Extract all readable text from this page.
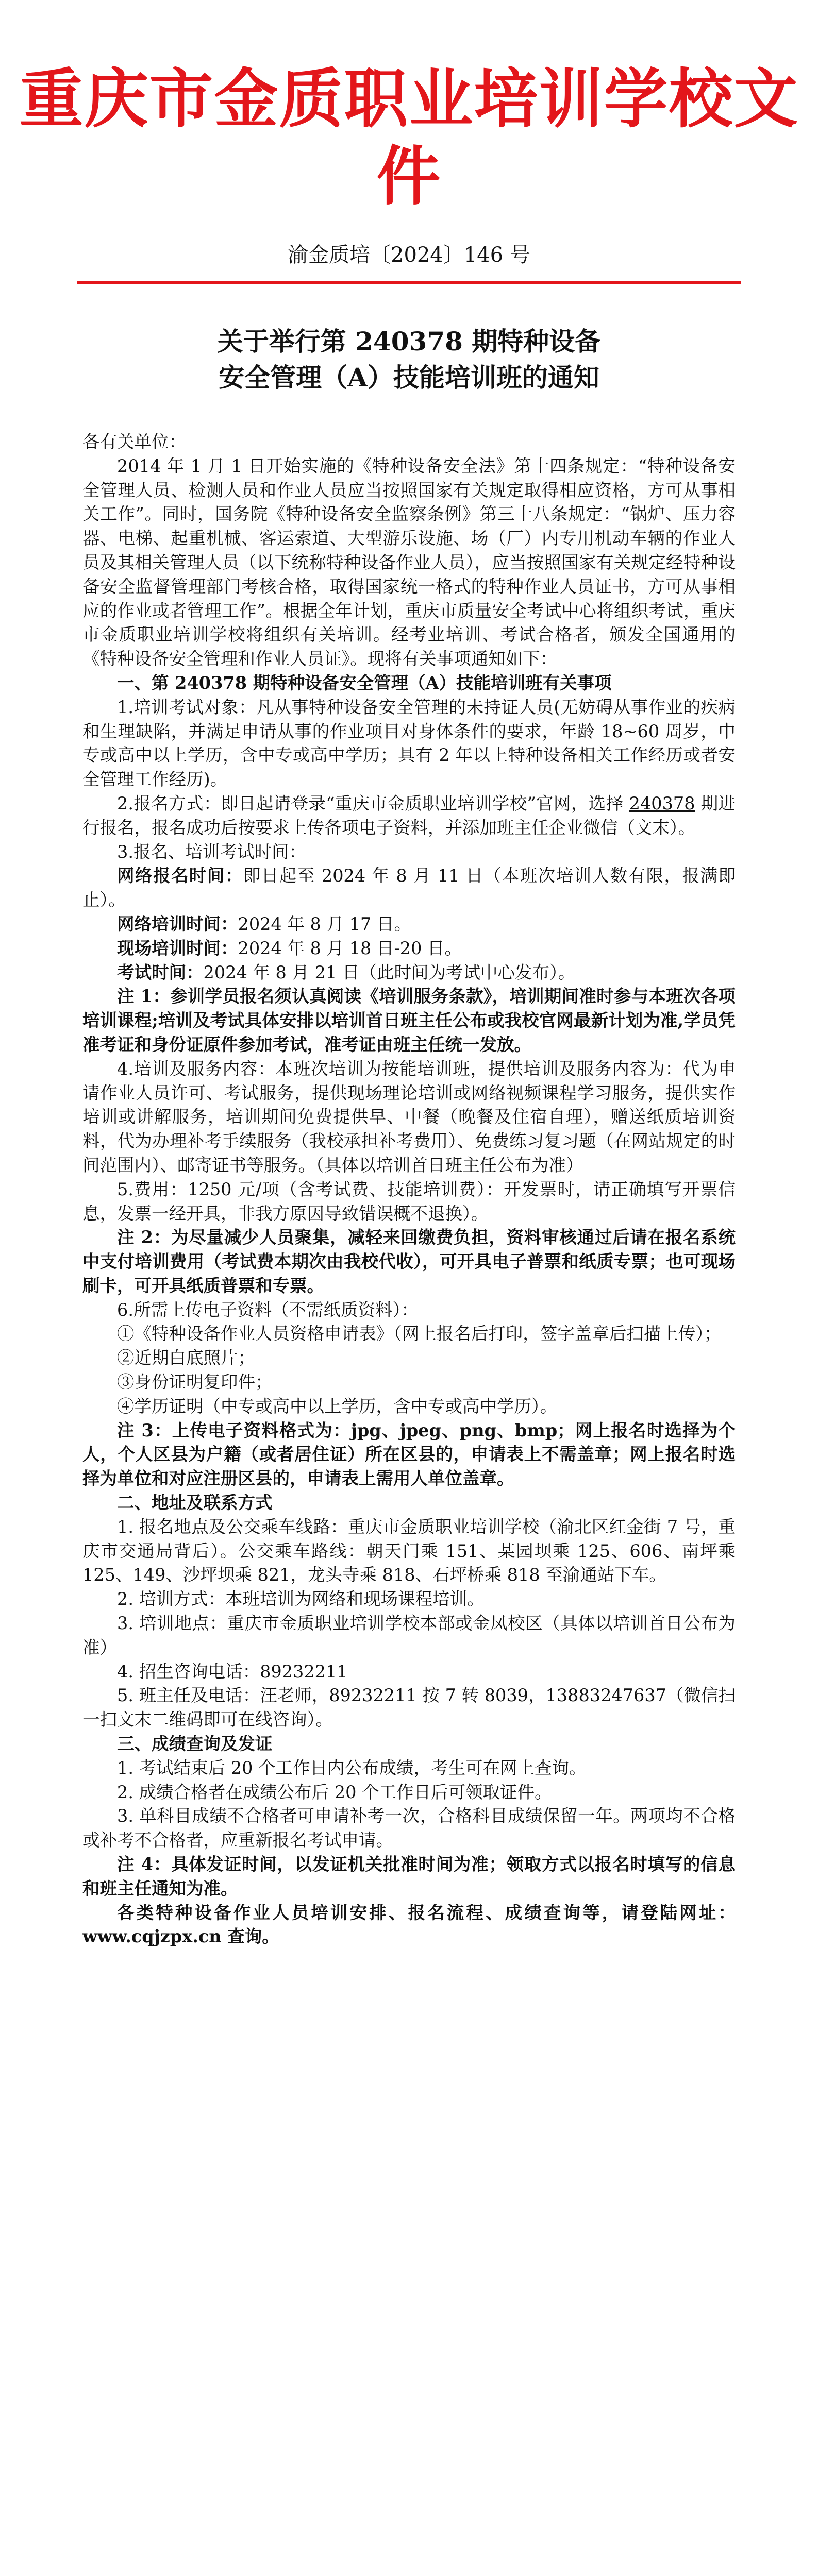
重庆市金质职业培训学校文件
渝金质培〔2024〕146 号
关于举行第 240378 期特种设备
安全管理（A）技能培训班的通知

各有关单位：

2014 年 1 月 1 日开始实施的《特种设备安全法》第十四条规定：“特种设备安全管理人员、检测人员和作业人员应当按照国家有关规定取得相应资格，方可从事相关工作”。同时，国务院《特种设备安全监察条例》第三十八条规定：“锅炉、压力容器、电梯、起重机械、客运索道、大型游乐设施、场（厂）内专用机动车辆的作业人员及其相关管理人员（以下统称特种设备作业人员），应当按照国家有关规定经特种设备安全监督管理部门考核合格，取得国家统一格式的特种作业人员证书，方可从事相应的作业或者管理工作”。根据全年计划，重庆市质量安全考试中心将组织考试，重庆市金质职业培训学校将组织有关培训。经考业培训、考试合格者，颁发全国通用的《特种设备安全管理和作业人员证》。现将有关事项通知如下：

一、第 240378 期特种设备安全管理（A）技能培训班有关事项

1.培训考试对象：凡从事特种设备安全管理的未持证人员(无妨碍从事作业的疾病和生理缺陷，并满足申请从事的作业项目对身体条件的要求，年龄 18~60 周岁，中专或高中以上学历，含中专或高中学历；具有 2 年以上特种设备相关工作经历或者安全管理工作经历)。

2.报名方式：即日起请登录“重庆市金质职业培训学校”官网，选择 240378 期进行报名，报名成功后按要求上传备项电子资料，并添加班主任企业微信（文末）。

3.报名、培训考试时间：

网络报名时间：即日起至 2024 年 8 月 11 日（本班次培训人数有限，报满即止）。

网络培训时间：2024 年 8 月 17 日。

现场培训时间：2024 年 8 月 18 日-20 日。

考试时间：2024 年 8 月 21 日（此时间为考试中心发布）。

注 1：参训学员报名须认真阅读《培训服务条款》，培训期间准时参与本班次各项培训课程;培训及考试具体安排以培训首日班主任公布或我校官网最新计划为准,学员凭准考证和身份证原件参加考试，准考证由班主任统一发放。

4.培训及服务内容：本班次培训为按能培训班，提供培训及服务内容为：代为申请作业人员许可、考试服务，提供现场理论培训或网络视频课程学习服务，提供实作培训或讲解服务，培训期间免费提供早、中餐（晚餐及住宿自理），赠送纸质培训资料，代为办理补考手续服务（我校承担补考费用）、免费练习复习题（在网站规定的时间范围内）、邮寄证书等服务。（具体以培训首日班主任公布为准）

5.费用：1250 元/项（含考试费、技能培训费）：开发票时，请正确填写开票信息，发票一经开具，非我方原因导致错误概不退换）。

注 2：为尽量减少人员聚集，减轻来回缴费负担，资料审核通过后请在报名系统中支付培训费用（考试费本期次由我校代收），可开具电子普票和纸质专票；也可现场刷卡，可开具纸质普票和专票。

6.所需上传电子资料（不需纸质资料）：

①《特种设备作业人员资格申请表》（网上报名后打印，签字盖章后扫描上传）；

②近期白底照片；

③身份证明复印件；

④学历证明（中专或高中以上学历，含中专或高中学历）。

注 3：上传电子资料格式为：jpg、jpeg、png、bmp；网上报名时选择为个人，个人区县为户籍（或者居住证）所在区县的，申请表上不需盖章；网上报名时选择为单位和对应注册区县的，申请表上需用人单位盖章。

二、地址及联系方式

1. 报名地点及公交乘车线路：重庆市金质职业培训学校（渝北区红金街 7 号，重庆市交通局背后）。公交乘车路线：朝天门乘 151、某园坝乘 125、606、南坪乘 125、149、沙坪坝乘 821，龙头寺乘 818、石坪桥乘 818 至渝通站下车。

2. 培训方式：本班培训为网络和现场课程培训。

3. 培训地点：重庆市金质职业培训学校本部或金凤校区（具体以培训首日公布为准）

4. 招生咨询电话：89232211

5. 班主任及电话：汪老师，89232211 按 7 转 8039，13883247637（微信扫一扫文末二维码即可在线咨询）。

三、成绩查询及发证

1. 考试结束后 20 个工作日内公布成绩，考生可在网上查询。

2. 成绩合格者在成绩公布后 20 个工作日后可领取证件。

3. 单科目成绩不合格者可申请补考一次，合格科目成绩保留一年。两项均不合格或补考不合格者，应重新报名考试申请。

注 4：具体发证时间，以发证机关批准时间为准；领取方式以报名时填写的信息和班主任通知为准。

各类特种设备作业人员培训安排、报名流程、成绩查询等，请登陆网址：www.cqjzpx.cn 查询。
